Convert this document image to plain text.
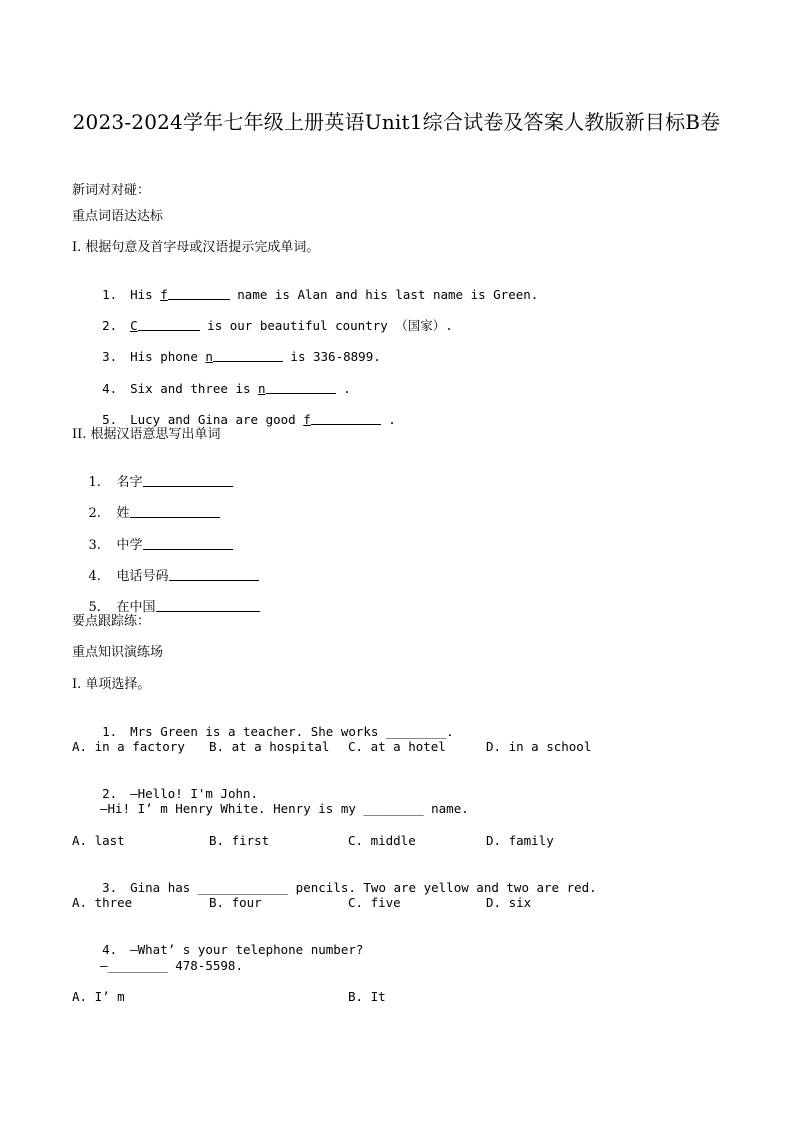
2023-2024学年七年级上册英语Unit1综合试卷及答案人教版新目标B卷
新词对对碰：
重点词语达达标
I. 根据句意及首字母或汉语提示完成单词。

1. His f	name is Alan and his last name is Green.

2. C	is our beautiful country （国家）.

3. His phone n	is 336-8899.

4. Six and three is n	.

5. Lucy and Gina are good f	.

II. 根据汉语意思写出单词

1. 名字

2. 姓

3. 中学

4. 电话号码

5. 在中国

要点跟踪练：
重点知识演练场
I. 单项选择。

1. Mrs Green is a teacher. She works ________.

A. in a factory B. at a hospital C. at a hotel	D. in a school

2. —Hello! I'm John.

—Hi! I’ m Henry White. Henry is my ________ name.
A. last	B. first	C. middle	D. family

3. Gina has ____________ pencils. Two are yellow and two are red.

A. three	B. four	C. five	D. six

4. —What’ s your telephone number?

—________ 478-5598.
A. I’ m	B. It
